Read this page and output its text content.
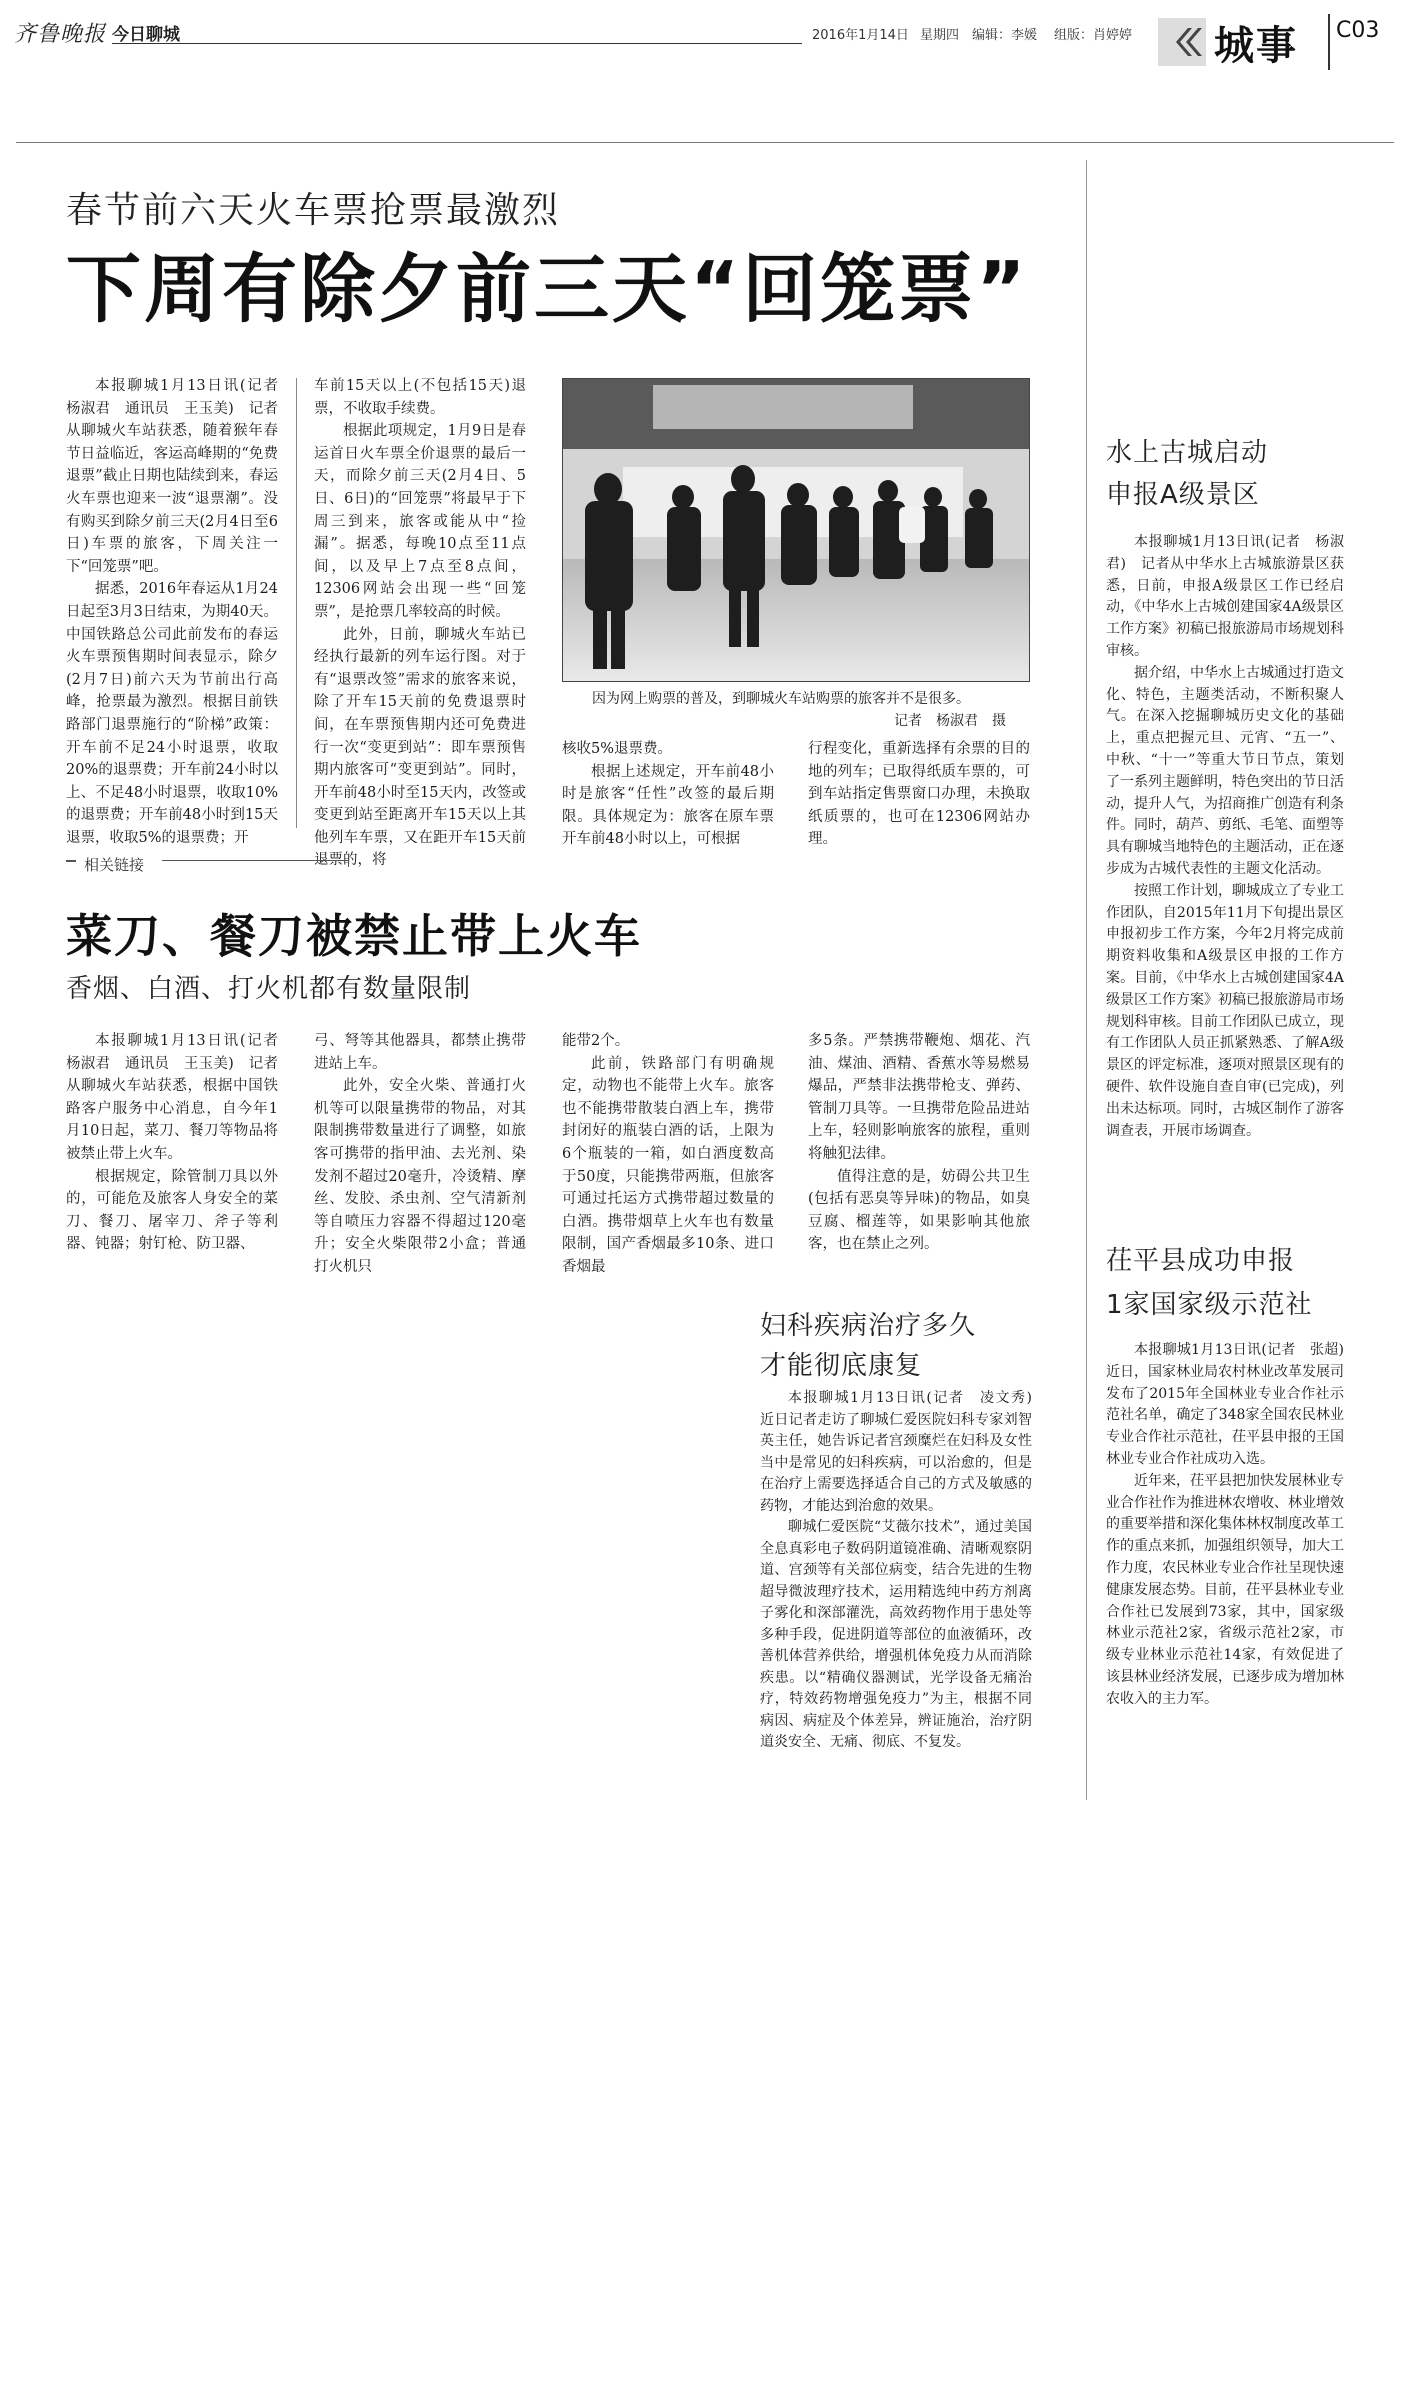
齐鲁晚报 今日聊城	2016年1月14日 星期四 编辑：李媛 组版：肖婷婷 城事 C03
春节前六天火车票抢票最激烈
下周有除夕前三天“回笼票”

本报聊城1月13日讯(记者　杨淑君　通讯员　王玉美)　记者从聊城火车站获悉，随着猴年春节日益临近，客运高峰期的“免费退票”截止日期也陆续到来，春运火车票也迎来一波“退票潮”。没有购买到除夕前三天(2月4日至6日)车票的旅客，下周关注一下“回笼票”吧。

据悉，2016年春运从1月24日起至3月3日结束，为期40天。中国铁路总公司此前发布的春运火车票预售期时间表显示，除夕(2月7日)前六天为节前出行高峰，抢票最为激烈。根据目前铁路部门退票施行的“阶梯”政策：开车前不足24小时退票，收取20%的退票费；开车前24小时以上、不足48小时退票，收取10%的退票费；开车前48小时到15天退票，收取5%的退票费；开

车前15天以上(不包括15天)退票，不收取手续费。

根据此项规定，1月9日是春运首日火车票全价退票的最后一天，而除夕前三天(2月4日、5日、6日)的“回笼票”将最早于下周三到来，旅客或能从中“捡漏”。据悉，每晚10点至11点间，以及早上7点至8点间，12306网站会出现一些“回笼票”，是抢票几率较高的时候。

此外，日前，聊城火车站已经执行最新的列车运行图。对于有“退票改签”需求的旅客来说，除了开车15天前的免费退票时间，在车票预售期内还可免费进行一次“变更到站”：即车票预售期内旅客可“变更到站”。同时，开车前48小时至15天内，改签或变更到站至距离开车15天以上其他列车车票，又在距开车15天前退票的，将

因为网上购票的普及，到聊城火车站购票的旅客并不是很多。
记者　杨淑君　摄

核收5%退票费。

根据上述规定，开车前48小时是旅客“任性”改签的最后期限。具体规定为：旅客在原车票开车前48小时以上，可根据

行程变化，重新选择有余票的目的地的列车；已取得纸质车票的，可到车站指定售票窗口办理，未换取纸质票的，也可在12306网站办理。

相关链接
菜刀、餐刀被禁止带上火车
香烟、白酒、打火机都有数量限制

本报聊城1月13日讯(记者　杨淑君　通讯员　王玉美)　记者从聊城火车站获悉，根据中国铁路客户服务中心消息，自今年1月10日起，菜刀、餐刀等物品将被禁止带上火车。

根据规定，除管制刀具以外的，可能危及旅客人身安全的菜刀、餐刀、屠宰刀、斧子等利器、钝器；射钉枪、防卫器、

弓、弩等其他器具，都禁止携带进站上车。

此外，安全火柴、普通打火机等可以限量携带的物品，对其限制携带数量进行了调整，如旅客可携带的指甲油、去光剂、染发剂不超过20毫升，冷烫精、摩丝、发胶、杀虫剂、空气清新剂等自喷压力容器不得超过120毫升；安全火柴限带2小盒；普通打火机只

能带2个。

此前，铁路部门有明确规定，动物也不能带上火车。旅客也不能携带散装白酒上车，携带封闭好的瓶装白酒的话，上限为6个瓶装的一箱，如白酒度数高于50度，只能携带两瓶，但旅客可通过托运方式携带超过数量的白酒。携带烟草上火车也有数量限制，国产香烟最多10条、进口香烟最

多5条。严禁携带鞭炮、烟花、汽油、煤油、酒精、香蕉水等易燃易爆品，严禁非法携带枪支、弹药、管制刀具等。一旦携带危险品进站上车，轻则影响旅客的旅程，重则将触犯法律。

值得注意的是，妨碍公共卫生(包括有恶臭等异味)的物品，如臭豆腐、榴莲等，如果影响其他旅客，也在禁止之列。

妇科疾病治疗多久
才能彻底康复

本报聊城1月13日讯(记者　凌文秀)　近日记者走访了聊城仁爱医院妇科专家刘智英主任，她告诉记者宫颈糜烂在妇科及女性当中是常见的妇科疾病，可以治愈的，但是在治疗上需要选择适合自己的方式及敏感的药物，才能达到治愈的效果。

聊城仁爱医院“艾薇尔技术”，通过美国全息真彩电子数码阴道镜准确、清晰观察阴道、宫颈等有关部位病变，结合先进的生物超导微波理疗技术，运用精选纯中药方剂离子雾化和深部灌洗，高效药物作用于患处等多种手段，促进阴道等部位的血液循环，改善机体营养供给，增强机体免疫力从而消除疾患。以“精确仪器测试，光学设备无痛治疗，特效药物增强免疫力”为主，根据不同病因、病症及个体差异，辨证施治，治疗阴道炎安全、无痛、彻底、不复发。

水上古城启动
申报A级景区

本报聊城1月13日讯(记者　杨淑君)　记者从中华水上古城旅游景区获悉，日前，申报A级景区工作已经启动，《中华水上古城创建国家4A级景区工作方案》初稿已报旅游局市场规划科审核。

据介绍，中华水上古城通过打造文化、特色，主题类活动，不断积聚人气。在深入挖掘聊城历史文化的基础上，重点把握元旦、元宵、“五一”、中秋、“十一”等重大节日节点，策划了一系列主题鲜明，特色突出的节日活动，提升人气，为招商推广创造有利条件。同时，葫芦、剪纸、毛笔、面塑等具有聊城当地特色的主题活动，正在逐步成为古城代表性的主题文化活动。

按照工作计划，聊城成立了专业工作团队，自2015年11月下旬提出景区申报初步工作方案，今年2月将完成前期资料收集和A级景区申报的工作方案。目前，《中华水上古城创建国家4A级景区工作方案》初稿已报旅游局市场规划科审核。目前工作团队已成立，现有工作团队人员正抓紧熟悉、了解A级景区的评定标准，逐项对照景区现有的硬件、软件设施自查自审(已完成)，列出未达标项。同时，古城区制作了游客调查表，开展市场调查。

茌平县成功申报
1家国家级示范社

本报聊城1月13日讯(记者　张超)　近日，国家林业局农村林业改革发展司发布了2015年全国林业专业合作社示范社名单，确定了348家全国农民林业专业合作社示范社，茌平县申报的王国林业专业合作社成功入选。

近年来，茌平县把加快发展林业专业合作社作为推进林农增收、林业增效的重要举措和深化集体林权制度改革工作的重点来抓，加强组织领导，加大工作力度，农民林业专业合作社呈现快速健康发展态势。目前，茌平县林业专业合作社已发展到73家，其中，国家级林业示范社2家，省级示范社2家，市级专业林业示范社14家，有效促进了该县林业经济发展，已逐步成为增加林农收入的主力军。
